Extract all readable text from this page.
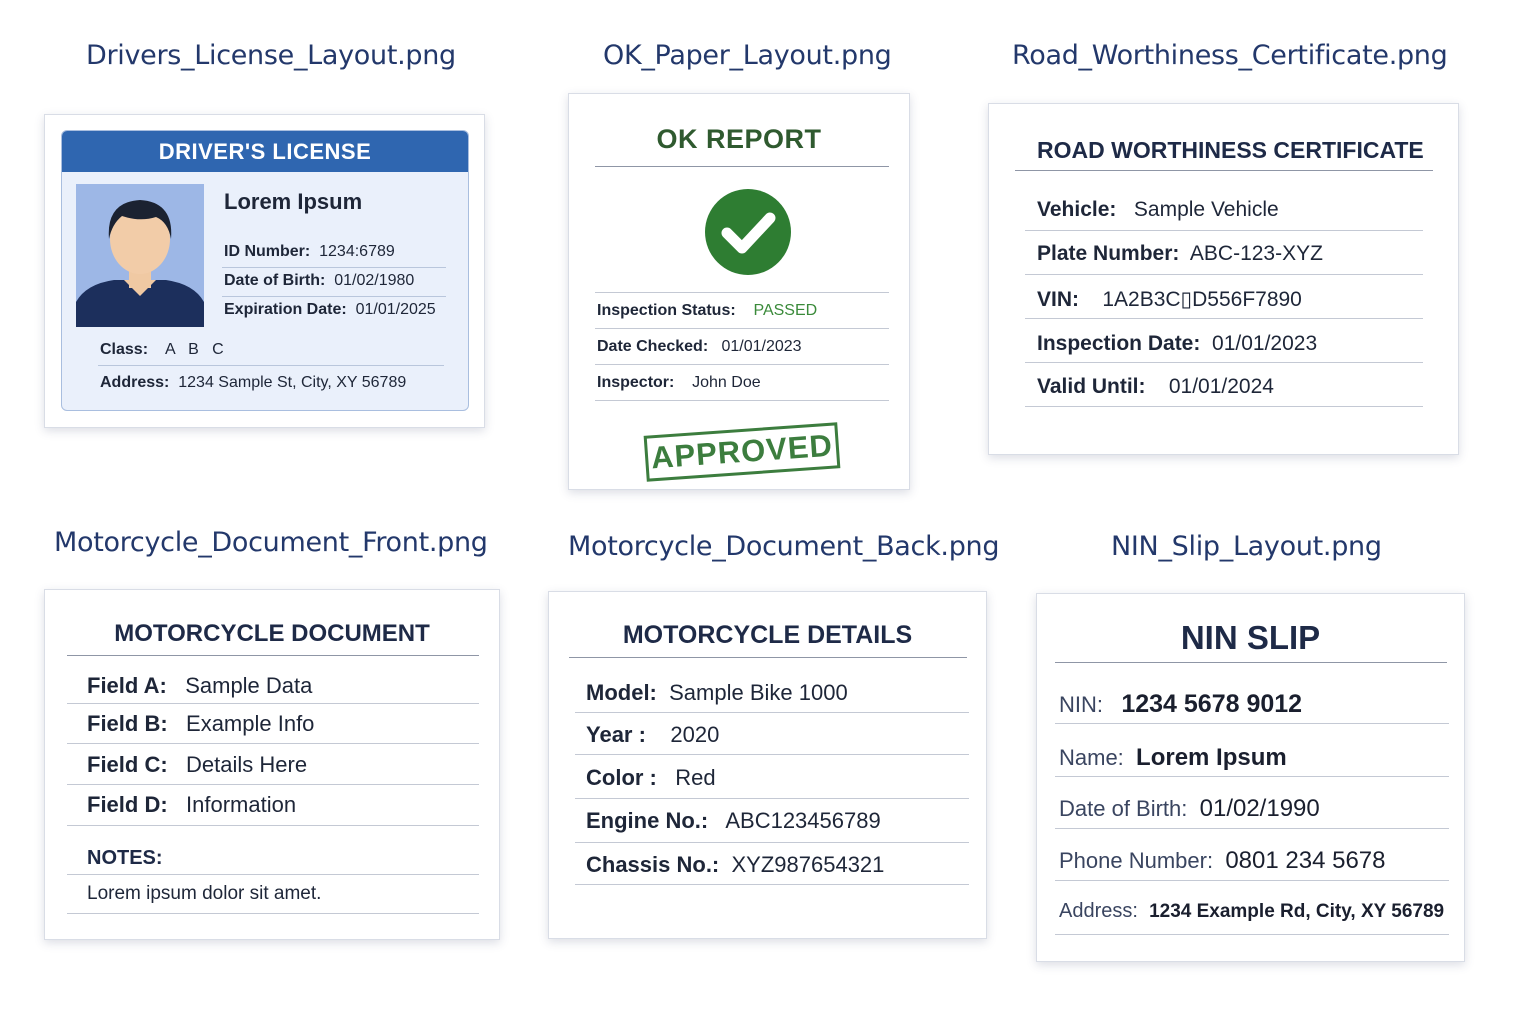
Drivers_License_Layout.png	OK_Paper_Layout.png	Road_Worthiness_Certificate.png
Motorcycle_Document_Front.png	Motorcycle_Document_Back.png	NIN_Slip_Layout.png
DRIVER'S LICENSE
Lorem Ipsum
ID Number: 1234:6789
Date of Birth: 01/02/1980
Expiration Date: 01/01/2025
Class: A   B   C
Address: 1234 Sample St, City, XY 56789
OK REPORT
Inspection Status: PASSED
Date Checked: 01/01/2023
Inspector: John Doe
APPROVED
ROAD WORTHINESS CERTIFICATE
Vehicle: Sample Vehicle
Plate Number: ABC-123-XYZ
VIN: 1A2B3C▯D556F7890
Inspection Date: 01/01/2023
Valid Until: 01/01/2024
MOTORCYCLE DOCUMENT
Field A: Sample Data
Field B: Example Info
Field C: Details Here
Field D: Information
NOTES:
Lorem ipsum dolor sit amet.
MOTORCYCLE DETAILS
Model: Sample Bike 1000
Year : 2020
Color : Red
Engine No.: ABC123456789
Chassis No.: XYZ987654321
NIN SLIP
NIN: 1234 5678 9012
Name: Lorem Ipsum
Date of Birth: 01/02/1990
Phone Number: 0801 234 5678
Address: 1234 Example Rd, City, XY 56789
